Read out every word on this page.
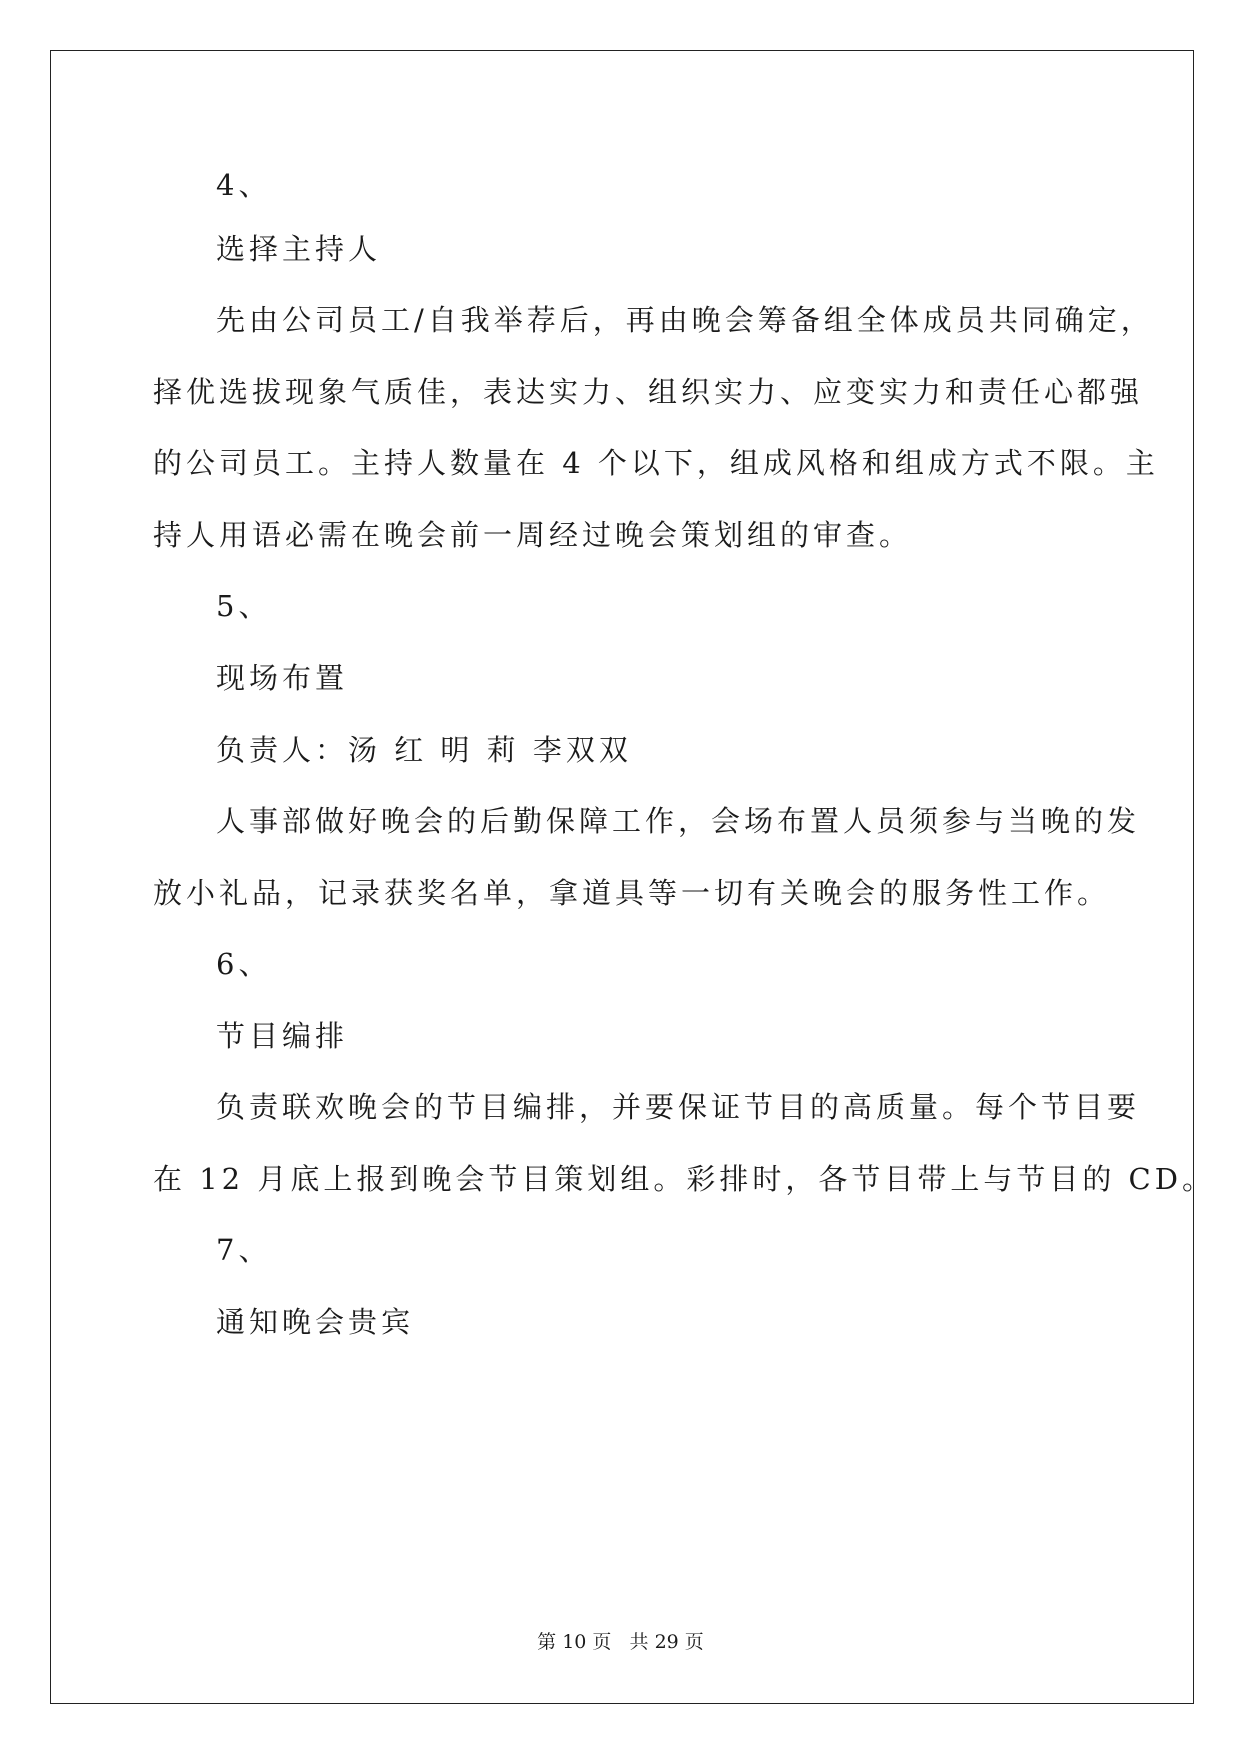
4、
选择主持人
先由公司员工/自我举荐后，再由晚会筹备组全体成员共同确定，
择优选拔现象气质佳，表达实力、组织实力、应变实力和责任心都强
的公司员工。主持人数量在 4 个以下，组成风格和组成方式不限。主
持人用语必需在晚会前一周经过晚会策划组的审查。
5、
现场布置
负责人：汤 红 明 莉 李双双
人事部做好晚会的后勤保障工作，会场布置人员须参与当晚的发
放小礼品，记录获奖名单，拿道具等一切有关晚会的服务性工作。
6、
节目编排
负责联欢晚会的节目编排，并要保证节目的高质量。每个节目要
在 12 月底上报到晚会节目策划组。彩排时，各节目带上与节目的 CD。
7、
通知晚会贵宾
第 10 页   共 29 页
